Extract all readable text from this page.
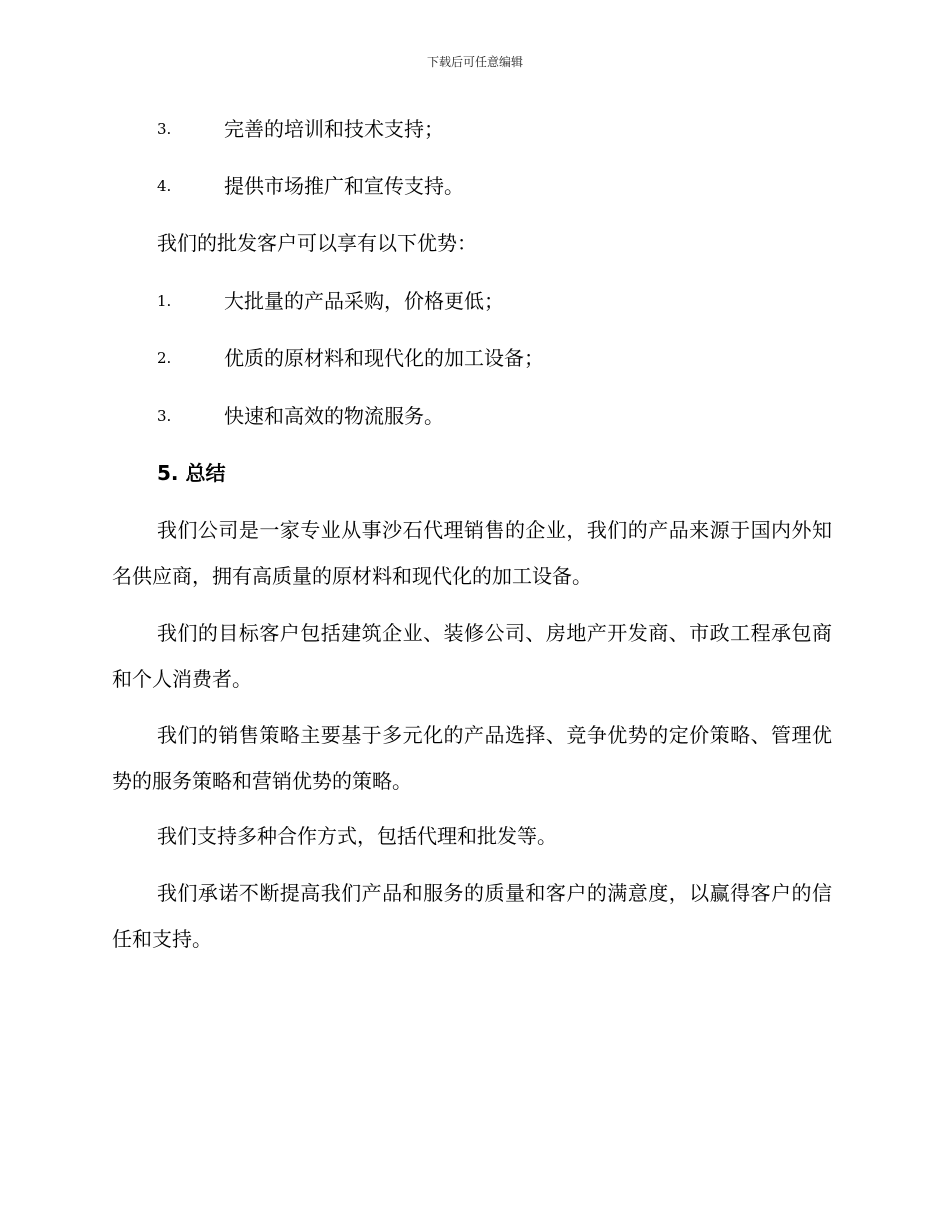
下载后可任意编辑
3.	完善的培训和技术支持；
4.	提供市场推广和宣传支持。
我们的批发客户可以享有以下优势：
1.	大批量的产品采购，价格更低；
2.	优质的原材料和现代化的加工设备；
3.	快速和高效的物流服务。
5. 总结

我们公司是一家专业从事沙石代理销售的企业，我们的产品来源于国内外知名供应商，拥有高质量的原材料和现代化的加工设备。

我们的目标客户包括建筑企业、装修公司、房地产开发商、市政工程承包商和个人消费者。

我们的销售策略主要基于多元化的产品选择、竞争优势的定价策略、管理优势的服务策略和营销优势的策略。

我们支持多种合作方式，包括代理和批发等。

我们承诺不断提高我们产品和服务的质量和客户的满意度，以赢得客户的信任和支持。
